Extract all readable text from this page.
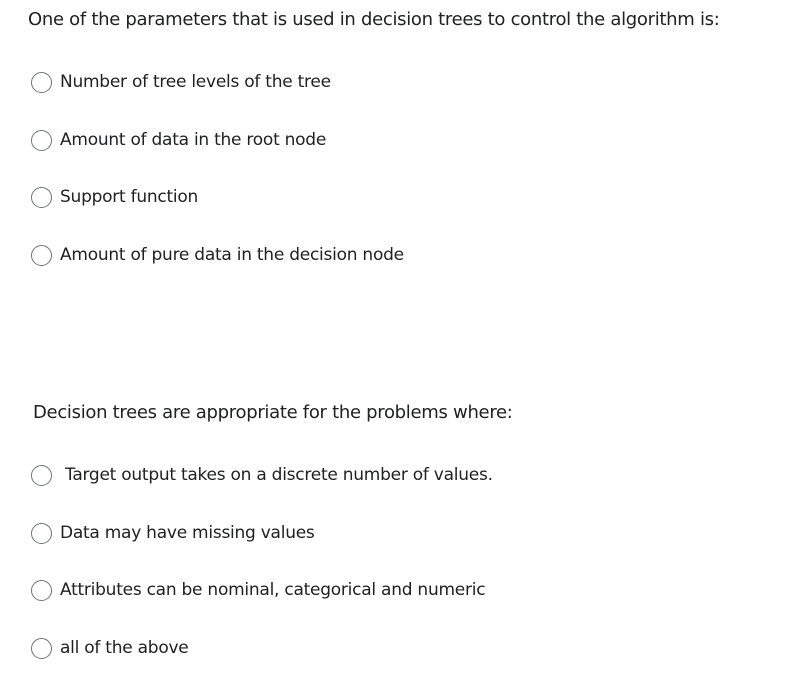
One of the parameters that is used in decision trees to control the algorithm is:
Number of tree levels of the tree
Amount of data in the root node
Support function
Amount of pure data in the decision node
Decision trees are appropriate for the problems where:
Target output takes on a discrete number of values.
Data may have missing values
Attributes can be nominal, categorical and numeric
all of the above
